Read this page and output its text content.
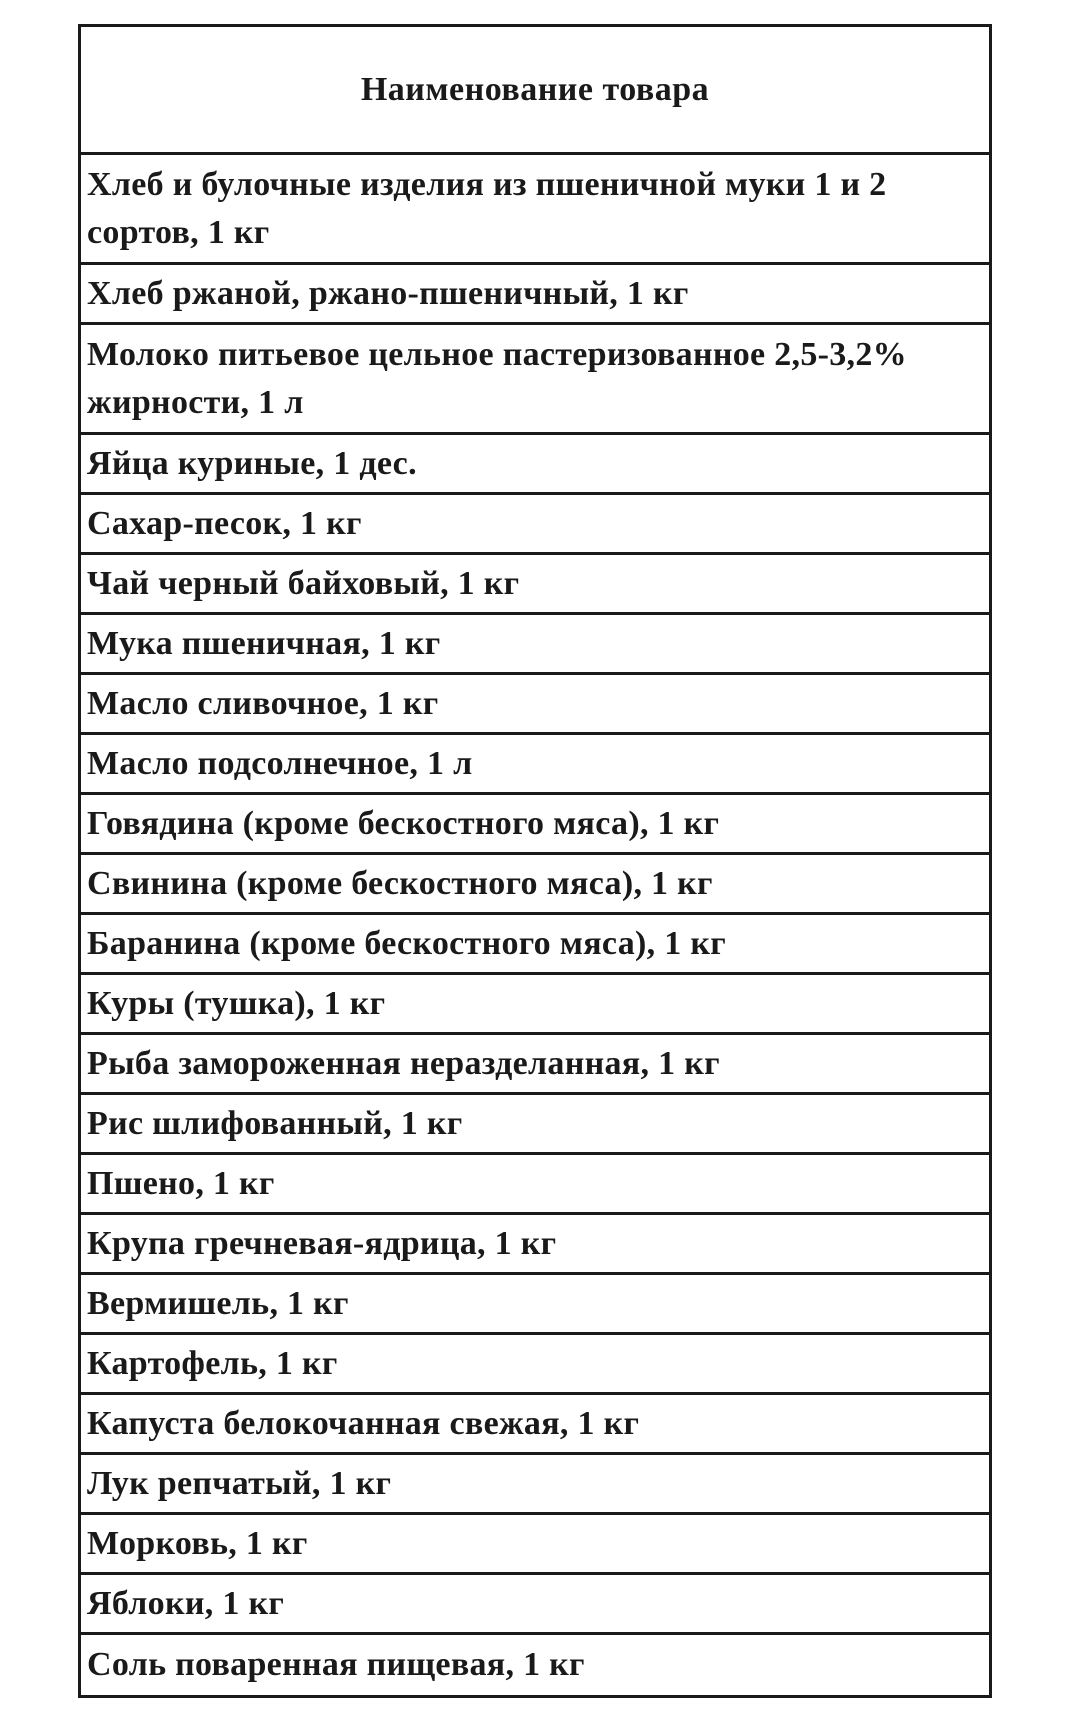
Наименование товара
Хлеб и булочные изделия из пшеничной муки 1 и 2 сортов, 1 кг
Хлеб ржаной, ржано-пшеничный, 1 кг
Молоко питьевое цельное пастеризованное 2,5-3,2% жирности, 1 л
Яйца куриные, 1 дес.
Сахар-песок, 1 кг
Чай черный байховый, 1 кг
Мука пшеничная, 1 кг
Масло сливочное, 1 кг
Масло подсолнечное, 1 л
Говядина (кроме бескостного мяса), 1 кг
Свинина (кроме бескостного мяса), 1 кг
Баранина (кроме бескостного мяса), 1 кг
Куры (тушка), 1 кг
Рыба замороженная неразделанная, 1 кг
Рис шлифованный, 1 кг
Пшено, 1 кг
Крупа гречневая-ядрица, 1 кг
Вермишель, 1 кг
Картофель, 1 кг
Капуста белокочанная свежая, 1 кг
Лук репчатый, 1 кг
Морковь, 1 кг
Яблоки, 1 кг
Соль поваренная пищевая, 1 кг
